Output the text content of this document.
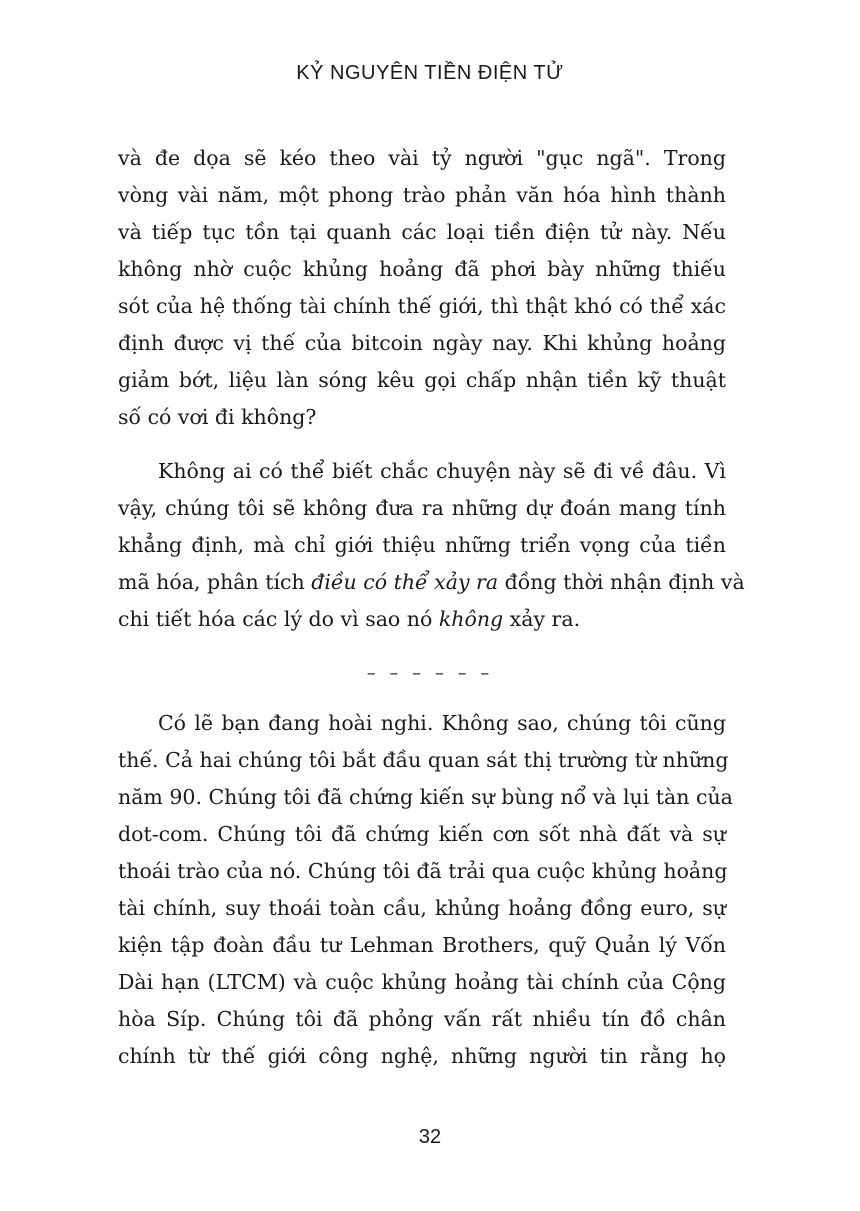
KỶ NGUYÊN TIỀN ĐIỆN TỬ
và đe dọa sẽ kéo theo vài tỷ người "gục ngã". Trong
vòng vài năm, một phong trào phản văn hóa hình thành
và tiếp tục tồn tại quanh các loại tiền điện tử này. Nếu
không nhờ cuộc khủng hoảng đã phơi bày những thiếu
sót của hệ thống tài chính thế giới, thì thật khó có thể xác
định được vị thế của bitcoin ngày nay. Khi khủng hoảng
giảm bớt, liệu làn sóng kêu gọi chấp nhận tiền kỹ thuật
số có vơi đi không?
Không ai có thể biết chắc chuyện này sẽ đi về đâu. Vì
vậy, chúng tôi sẽ không đưa ra những dự đoán mang tính
khẳng định, mà chỉ giới thiệu những triển vọng của tiền
mã hóa, phân tích điều có thể xảy ra đồng thời nhận định và
chi tiết hóa các lý do vì sao nó không xảy ra.
– – – – – –
Có lẽ bạn đang hoài nghi. Không sao, chúng tôi cũng
thế. Cả hai chúng tôi bắt đầu quan sát thị trường từ những
năm 90. Chúng tôi đã chứng kiến sự bùng nổ và lụi tàn của
dot-com. Chúng tôi đã chứng kiến cơn sốt nhà đất và sự
thoái trào của nó. Chúng tôi đã trải qua cuộc khủng hoảng
tài chính, suy thoái toàn cầu, khủng hoảng đồng euro, sự
kiện tập đoàn đầu tư Lehman Brothers, quỹ Quản lý Vốn
Dài hạn (LTCM) và cuộc khủng hoảng tài chính của Cộng
hòa Síp. Chúng tôi đã phỏng vấn rất nhiều tín đồ chân
chính từ thế giới công nghệ, những người tin rằng họ
32
